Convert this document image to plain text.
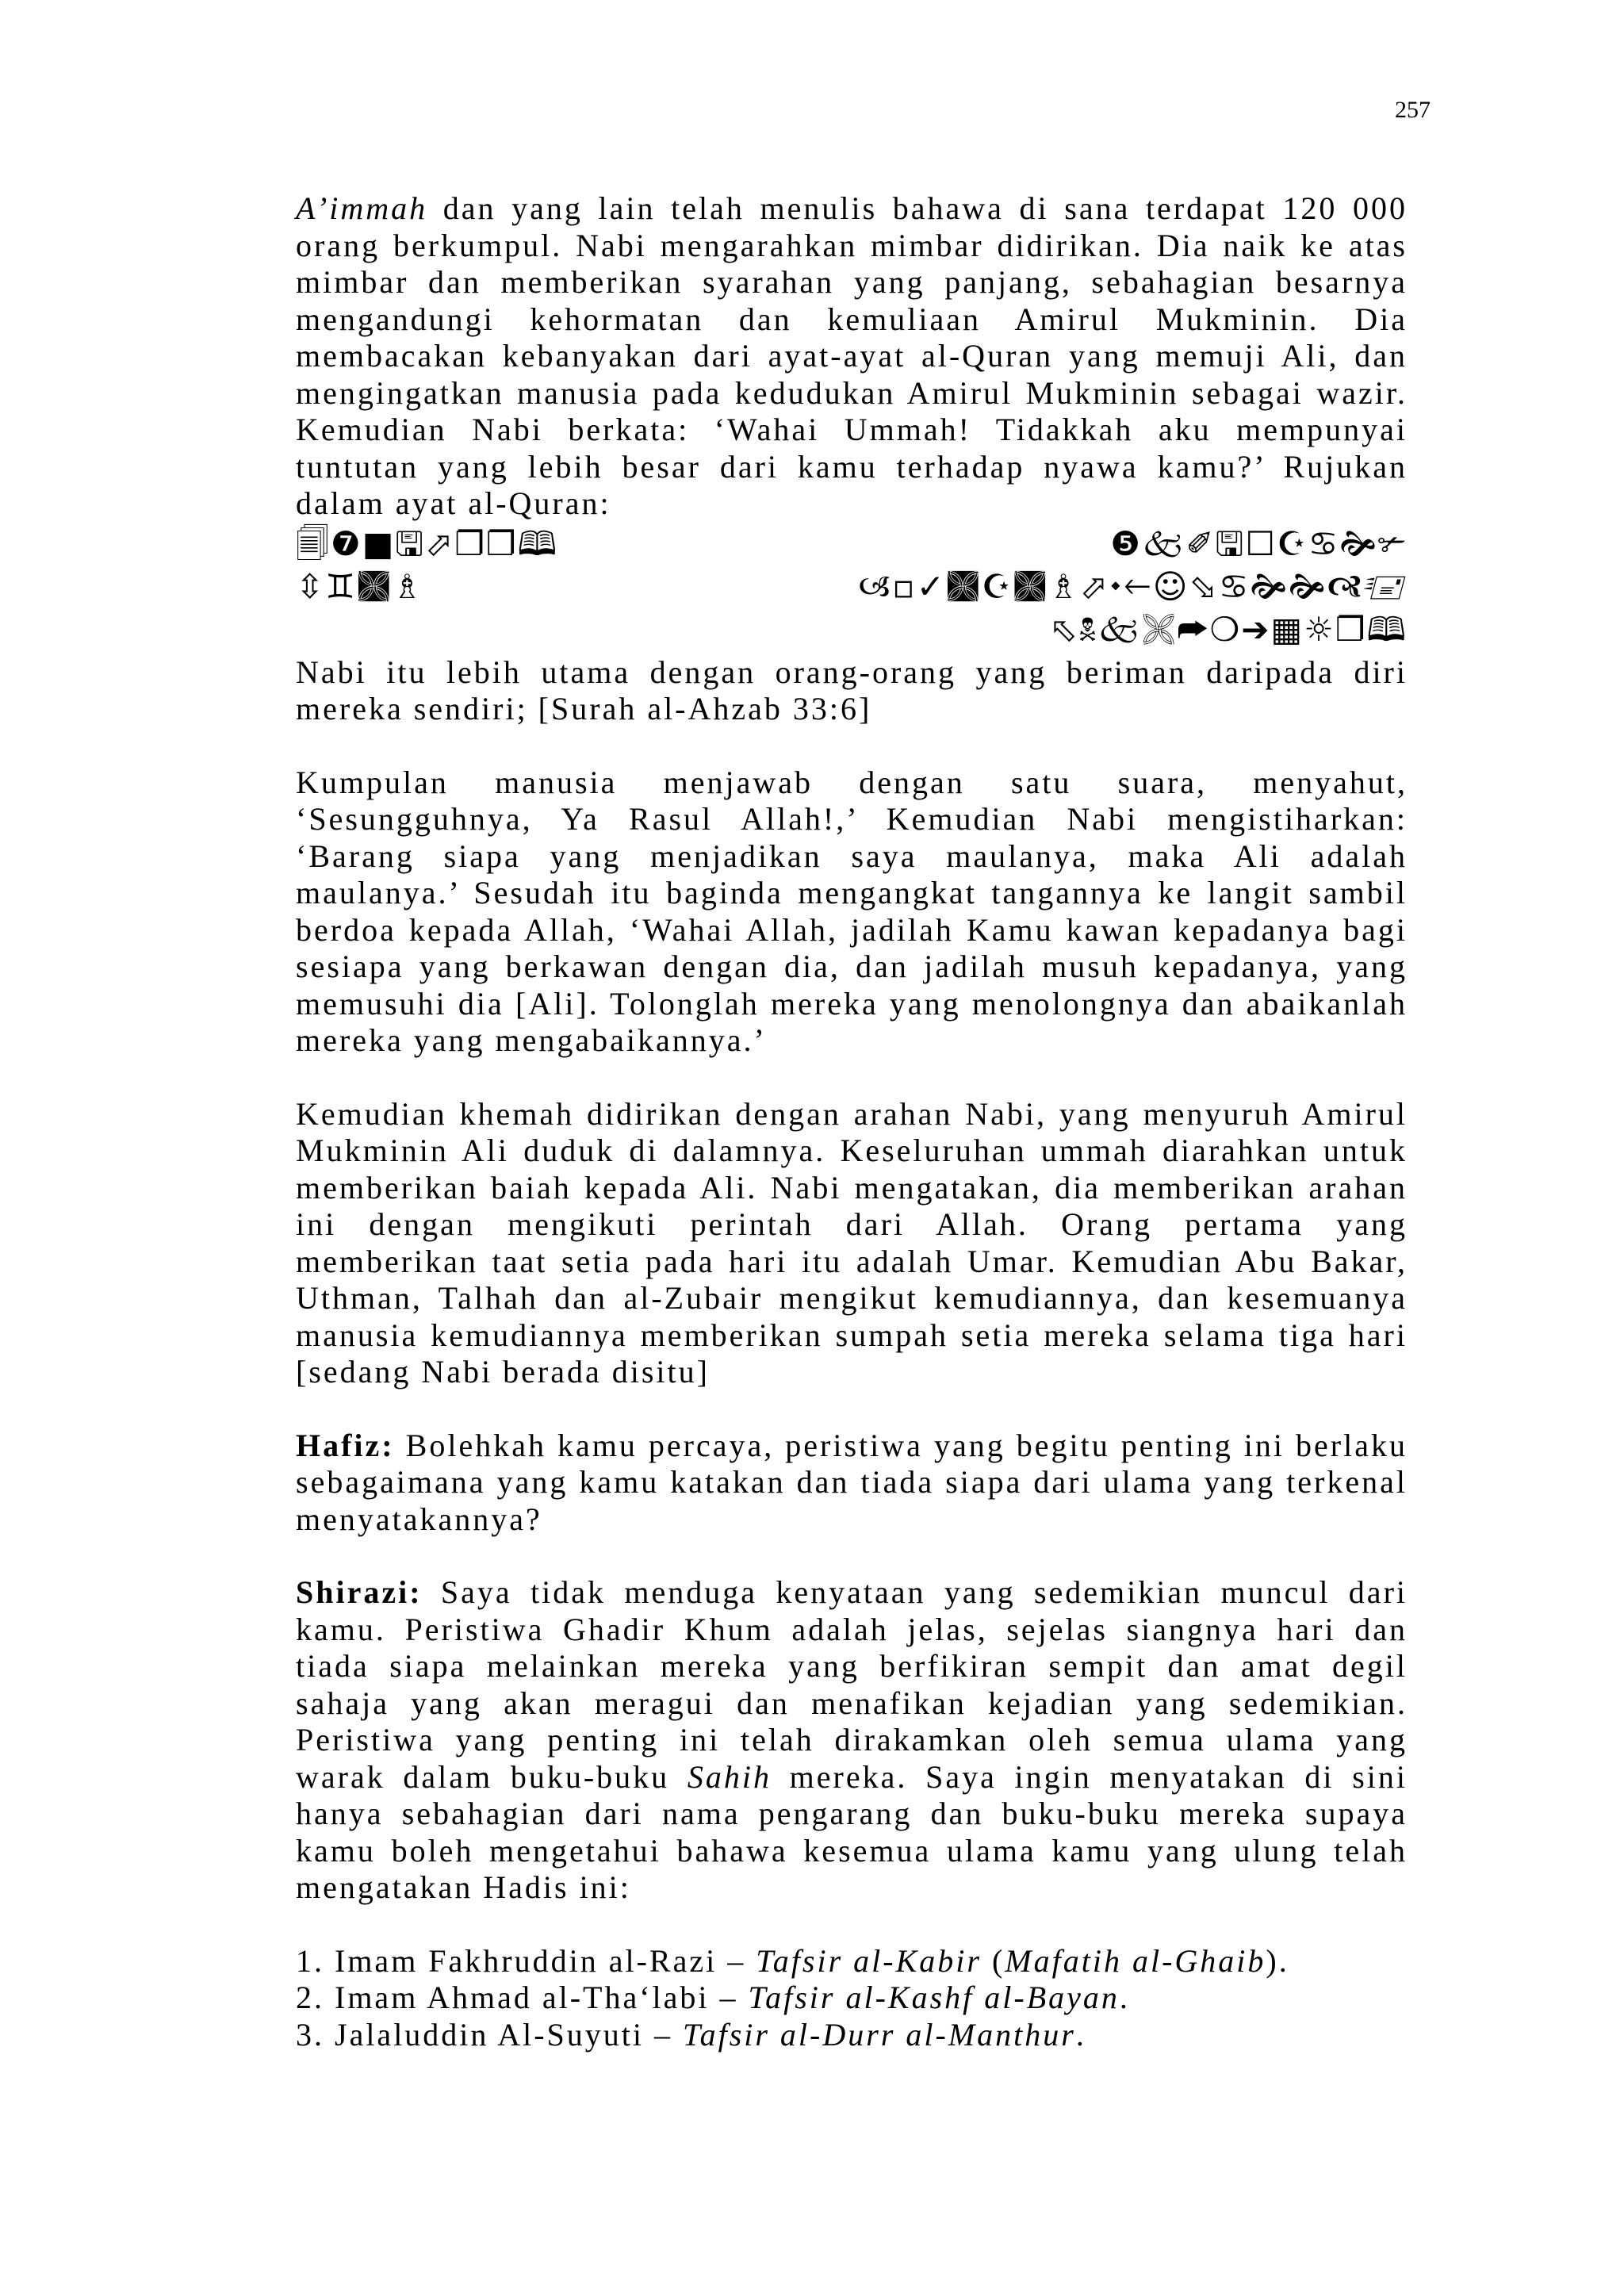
257

A’immah dan yang lain telah menulis bahawa di sana terdapat 120 000 orang berkumpul. Nabi mengarahkan mimbar didirikan. Dia naik ke atas mimbar dan memberikan syarahan yang panjang, sebahagian besarnya mengandungi kehormatan dan kemuliaan Amirul Mukminin. Dia membacakan kebanyakan dari ayat-ayat al-Quran yang memuji Ali, dan mengingatkan manusia pada kedudukan Amirul Mukminin sebagai wazir. Kemudian Nabi berkata: ‘Wahai Ummah! Tidakkah aku mempunyai tuntutan yang lebih besar dari kamu terhadap nyawa kamu?’ Rujukan dalam ayat al-Quran:

🗐❼■🖫⬀❐❐🕮	❺🙵✐🖫☐☪♋🙞✃
⇳♊🙩♗	🙢▫✓🙩☪🙩♗⬀⬩🡐☺⬂♋🙞🙞🙧🖅
⬁🕱🙵🙨⮫❍➔▦☼❐🕮

Nabi itu lebih utama dengan orang-orang yang beriman daripada diri mereka sendiri; [Surah al-Ahzab 33:6]

Kumpulan manusia menjawab dengan satu suara, menyahut, ‘Sesungguhnya, Ya Rasul Allah!,’ Kemudian Nabi mengistiharkan: ‘Barang siapa yang menjadikan saya maulanya, maka Ali adalah maulanya.’ Sesudah itu baginda mengangkat tangannya ke langit sambil berdoa kepada Allah, ‘Wahai Allah, jadilah Kamu kawan kepadanya bagi sesiapa yang berkawan dengan dia, dan jadilah musuh kepadanya, yang memusuhi dia [Ali]. Tolonglah mereka yang menolongnya dan abaikanlah mereka yang mengabaikannya.’

Kemudian khemah didirikan dengan arahan Nabi, yang menyuruh Amirul Mukminin Ali duduk di dalamnya. Keseluruhan ummah diarahkan untuk memberikan baiah kepada Ali. Nabi mengatakan, dia memberikan arahan ini dengan mengikuti perintah dari Allah. Orang pertama yang memberikan taat setia pada hari itu adalah Umar. Kemudian Abu Bakar, Uthman, Talhah dan al-Zubair mengikut kemudiannya, dan kesemuanya manusia kemudiannya memberikan sumpah setia mereka selama tiga hari [sedang Nabi berada disitu]

Hafiz: Bolehkah kamu percaya, peristiwa yang begitu penting ini berlaku sebagaimana yang kamu katakan dan tiada siapa dari ulama yang terkenal menyatakannya?

Shirazi: Saya tidak menduga kenyataan yang sedemikian muncul dari kamu. Peristiwa Ghadir Khum adalah jelas, sejelas siangnya hari dan tiada siapa melainkan mereka yang berfikiran sempit dan amat degil sahaja yang akan meragui dan menafikan kejadian yang sedemikian. Peristiwa yang penting ini telah dirakamkan oleh semua ulama yang warak dalam buku-buku Sahih mereka. Saya ingin menyatakan di sini hanya sebahagian dari nama pengarang dan buku-buku mereka supaya kamu boleh mengetahui bahawa kesemua ulama kamu yang ulung telah mengatakan Hadis ini:

1. Imam Fakhruddin al-Razi – Tafsir al-Kabir (Mafatih al-Ghaib).

2. Imam Ahmad al-Tha‘labi – Tafsir al-Kashf al-Bayan.

3. Jalaluddin Al-Suyuti – Tafsir al-Durr al-Manthur.
